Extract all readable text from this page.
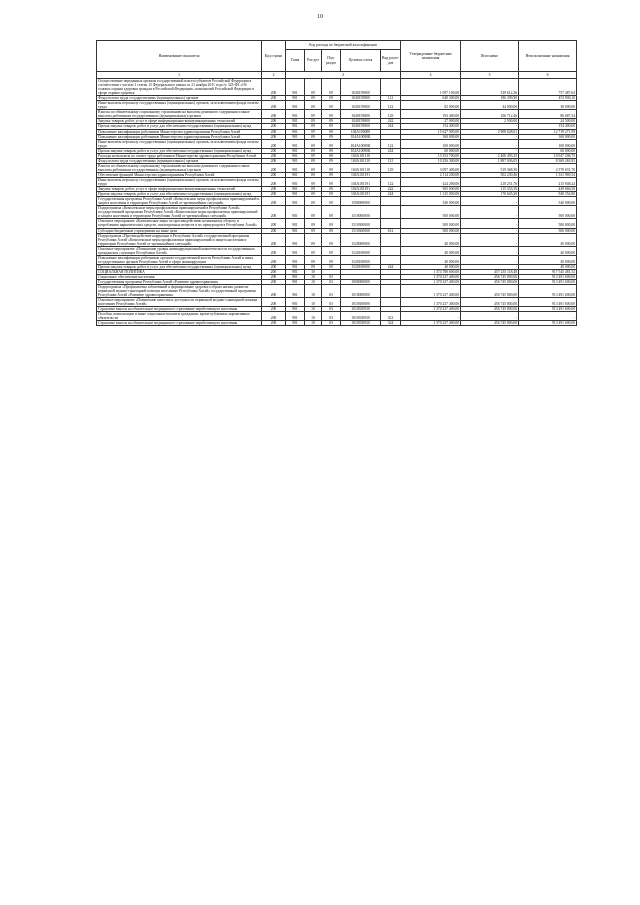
10
Наименование показателя	Код строки	Код расхода по бюджетной классификации					Утвержденные бюджетные назначения	Исполнено	Неисполненные назначения
		Глава	Раз-дел	Под-раздел	Целевая статья	Вид расхо-дов			
1	2	3					4	5	6
Осуществление переданных органам государственной власти субъектов Российской Федерации в соответствии с частью 1 статьи 15 Федерального закона от 21 ноября 2011 года № 323-ФЗ «Об основах охраны здоровья граждан в Российской Федерации» полномочий Российской Федерации в сфере охраны здоровья	200	901	09	09	1040159800		1 097 100,00	339 612,36	757 487,64
Фонд оплаты труда государственных (муниципальных) органов	200	901	09	09	1040159800	121	640 300,00	186 399,90	453 900,10
Иные выплаты персоналу государственных (муниципальных) органов, за исключением фонда оплаты труда	200	901	09	09	1040159800	122	82 000,00	44 000,00	38 000,00
Взносы по обязательному социальному страхованию на выплаты денежного содержания и иные выплаты работникам государственных (муниципальных) органов	200	901	09	09	1040159800	129	193 400,00	106 712,46	86 687,54
Закупка товаров, работ, услуг в сфере информационно-коммуникационных технологий	200	901	09	09	1040159800	242	27 000,00	2 500,00	24 500,00
Прочая закупка товаров, работ и услуг для обеспечения государственных (муниципальных) нужд	200	901	09	09	1040159800	244	154 400,00	-	154 400,00
Повышение квалификации работников Министерства здравоохранения Республики Алтай	200	901	09	09	104А100000		15 627 900,00	2 908 628,01	12 719 271,99
Повышение квалификации работников Министерства здравоохранения Республики Алтай	200	901	09	09	104А10090К		160 000,00	-	160 000,00
Иные выплаты персоналу государственных (муниципальных) органов, за исключением фонда оплаты труда	200	901	09	09	104А10090К	122	100 000,00	-	100 000,00
Прочая закупка товаров, работ и услуг для обеспечения государственных (муниципальных) нужд	200	901	09	09	104А10090К	244	60 000,00	-	60 000,00
Расходы на выплаты по оплате труда работников Министерства здравоохранения Республики Алтай	200	901	09	09	104А101110		13 353 700,00	2 406 493,25	10 947 206,75
Фонд оплаты труда государственных (муниципальных) органов	200	901	09	09	104А101110	121	10 256 300,00	1 887 036,05	8 369 263,95
Взносы по обязательному социальному страхованию на выплаты денежного содержания и иные выплаты работникам государственных (муниципальных) органов	200	901	09	09	104А101110	129	3 097 400,00	519 368,30	2 578 031,70
Обеспечение функций Министерства здравоохранения Республики Алтай	200	901	09	09	104А101191		2 114 200,00	502 230,46	1 611 969,54
Иные выплаты персоналу государственных (муниципальных) органов, за исключением фонда оплаты труда	200	901	09	09	104А101191	122	424 200,00	210 251,76	213 948,24
Закупка товаров, работ, услуг в сфере информационно-коммуникационных технологий	200	901	09	09	104А101191	242	565 000,00	115 333,50	449 666,50
Прочая закупка товаров, работ и услуг для обеспечения государственных (муниципальных) нужд	200	901	09	09	104А101191	244	1 125 000,00	176 645,20	948 354,80
Государственная программа Республики Алтай «Комплексные меры профилактики правонарушений и защита населения и территории Республики Алтай от чрезвычайных ситуаций»	200	901	09	09	1500000000		540 000,00	-	540 000,00
Подпрограмма «Комплексные меры профилактики правонарушений в Республике Алтай» государственной программы Республики Алтай «Комплексные меры профилактики правонарушений и защита населения и территории Республики Алтай от чрезвычайных ситуаций»	200	901	09	09	1510000000		500 000,00	-	500 000,00
Основное мероприятие «Комплексные меры по противодействию незаконному обороту и потреблению наркотических средств, психотропных веществ и их прекурсоров в Республике Алтай»	200	901	09	09	1510300000		500 000,00	-	500 000,00
Субсидии бюджетным учреждениям на иные цели	200	901	09	09	1510300000	612	500 000,00	-	500 000,00
Подпрограмма «Противодействие коррупции в Республике Алтай» государственной программы Республики Алтай «Комплексные меры профилактики правонарушений и защита населения и территории Республики Алтай от чрезвычайных ситуаций»	200	901	09	09	1520000000		40 000,00	-	40 000,00
Основное мероприятие «Повышение уровня антикоррупционной компетентности государственных гражданских служащих Республики Алтай»	200	901	09	09	1520100000		40 000,00	-	40 000,00
Повышение квалификации работников органов государственной власти Республики Алтай и иных государственных органов Республики Алтай в сфере антикоррупции	200	901	09	09	1520100000		40 000,00	-	40 000,00
Прочая закупка товаров, работ и услуг для обеспечения государственных (муниципальных) нужд	200	901	09	09	1520100000	244	40 000,00	-	40 000,00
СОЦИАЛЬНАЯ ПОЛИТИКА	200	901	10				1 374 780 600,00	457 235 118,48	917 545 481,52
Социальное обеспечение населения	200	901	10	03			1 370 237 400,00	456 745 800,00	913 491 600,00
Государственная программа Республики Алтай «Развитие здравоохранения»	200	901	10	03	1000000000		1 370 237 400,00	456 745 800,00	913 491 600,00
Подпрограмма «Профилактика заболеваний и формирование здорового образа жизни, развитие первичной медико-санитарной помощи населению Республики Алтай» государственной программы Республики Алтай «Развитие здравоохранения»	200	901	10	03	1010000000		1 370 237 400,00	456 745 800,00	913 491 600,00
Основное мероприятие «Повышение качества и доступности первичной медико-санитарной помощи населению Республики Алтай»	200	901	10	03	1010300000		1 370 237 400,00	456 745 800,00	913 491 600,00
Страховые взносы на обязательное медицинское страхование неработающего населения	200	901	10	03	1010350930		1 370 237 400,00	456 745 800,00	913 491 600,00
Пособия, компенсации и иные социальные выплаты гражданам, кроме публичных нормативных обязательств	200	901	10	03	1010350930	321	-	-	-
Страховые взносы на обязательное медицинское страхование неработающего населения	200	901	10	03	1010350930	324	1 370 237 400,00	456 745 800,00	913 491 600,00
